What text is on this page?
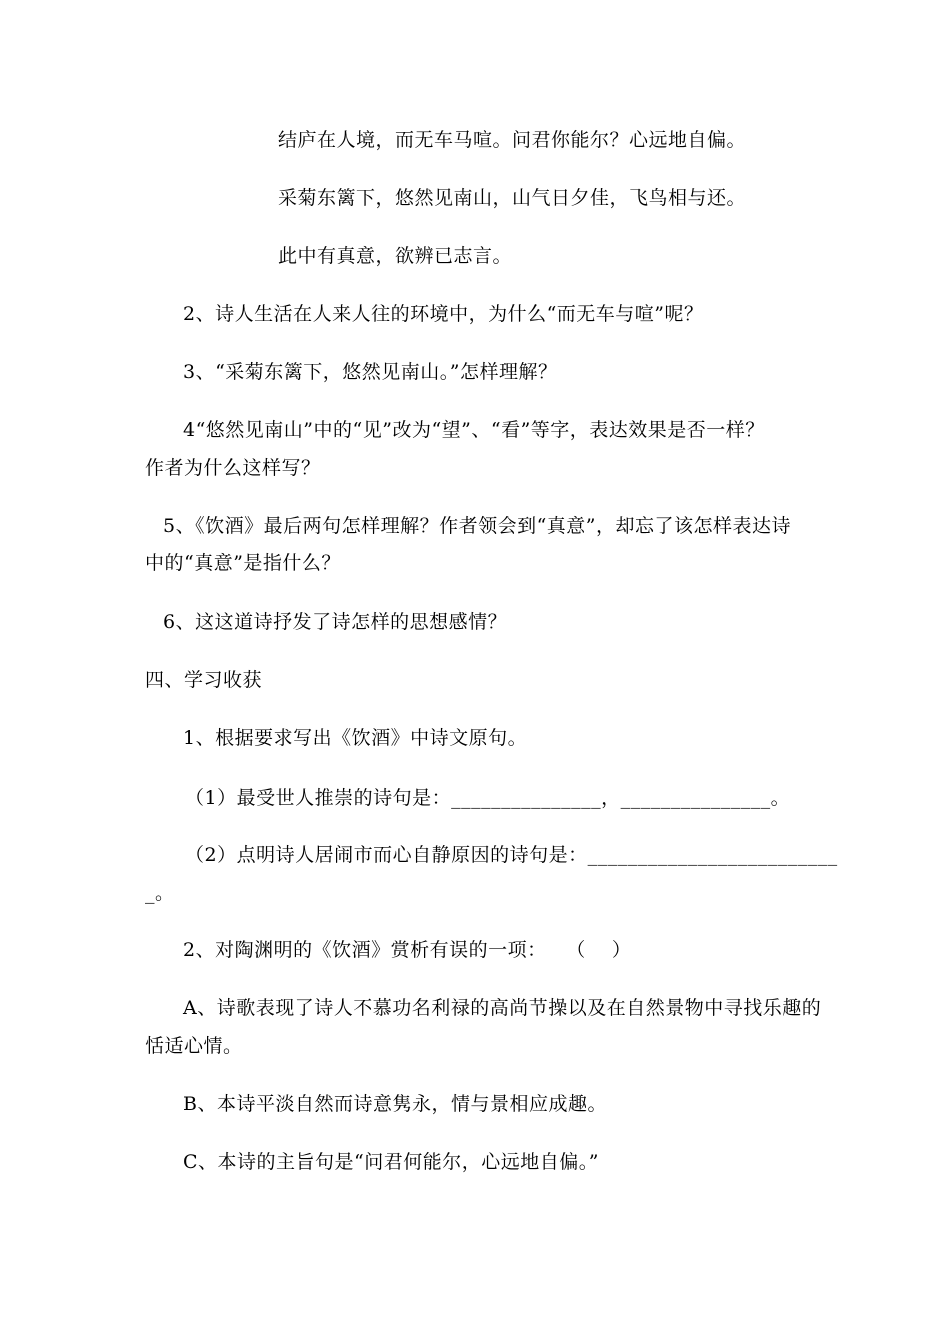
结庐在人境，而无车马喧。问君你能尔？心远地自偏。
采菊东篱下，悠然见南山，山气日夕佳，飞鸟相与还。
此中有真意，欲辨已志言。
2、诗人生活在人来人往的环境中，为什么“而无车与喧”呢？
3、“采菊东篱下，悠然见南山。”怎样理解？
4“悠然见南山”中的“见”改为“望”、“看”等字，表达效果是否一样？
作者为什么这样写？
5、《饮酒》最后两句怎样理解？作者领会到“真意”，却忘了该怎样表达诗
中的“真意”是指什么？
6、这这道诗抒发了诗怎样的思想感情？
四、学习收获
1、根据要求写出《饮酒》中诗文原句。
（1）最受世人推崇的诗句是：_______________，_______________。
（2）点明诗人居闹市而心自静原因的诗句是：_________________________
_。
2、对陶渊明的《饮酒》赏析有误的一项：   （    ）
A、诗歌表现了诗人不慕功名利禄的高尚节操以及在自然景物中寻找乐趣的
恬适心情。
B、本诗平淡自然而诗意隽永，情与景相应成趣。
C、本诗的主旨句是“问君何能尔，心远地自偏。”
